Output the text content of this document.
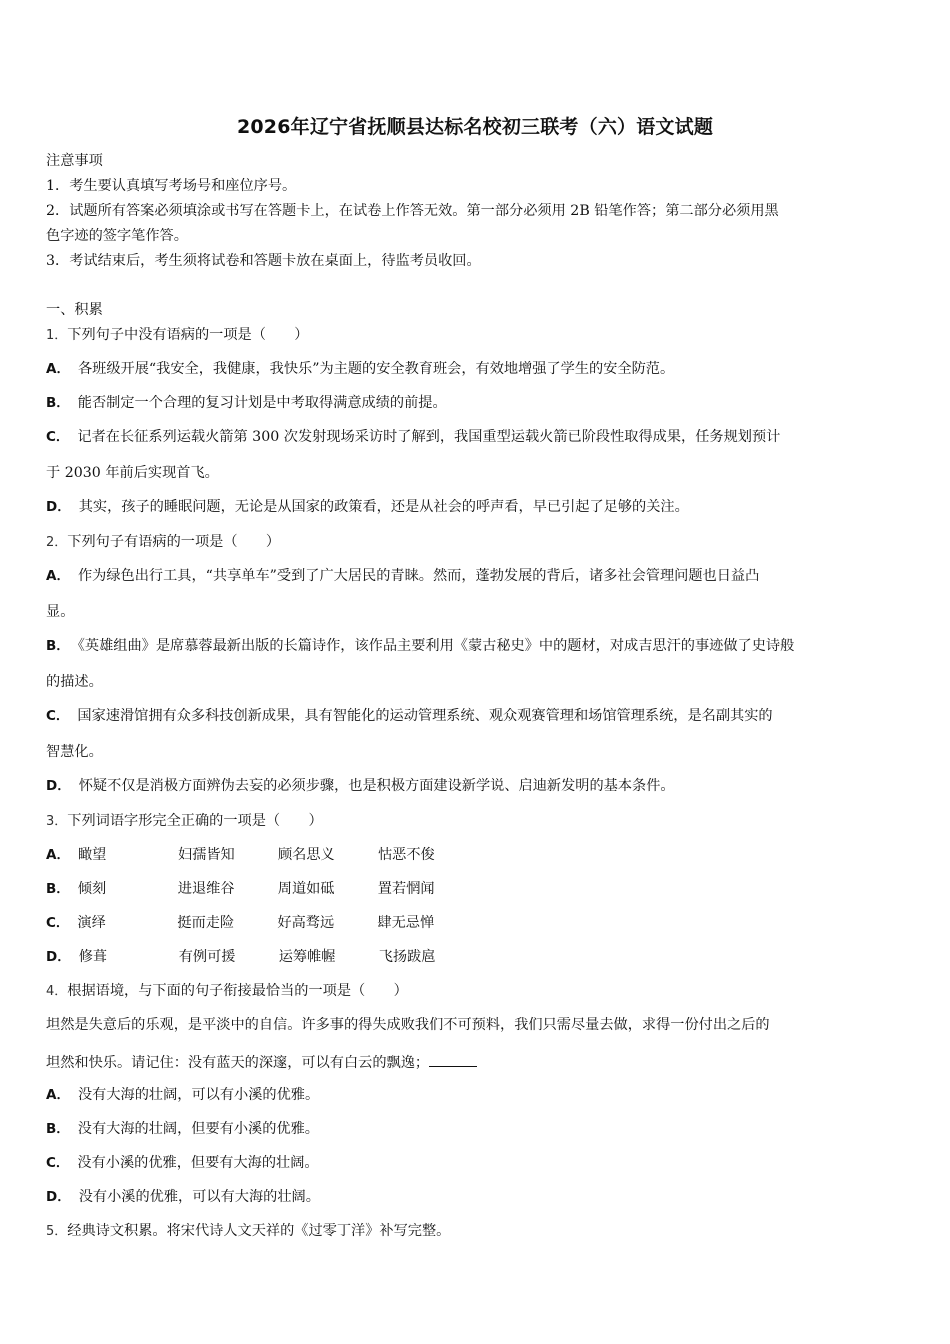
2026年辽宁省抚顺县达标名校初三联考（六）语文试题
注意事项
1．考生要认真填写考场号和座位序号。
2．试题所有答案必须填涂或书写在答题卡上，在试卷上作答无效。第一部分必须用 2B 铅笔作答；第二部分必须用黑
色字迹的签字笔作答。
3．考试结束后，考生须将试卷和答题卡放在桌面上，待监考员收回。
一、积累
1．下列句子中没有语病的一项是（　　）
A． 各班级开展“我安全，我健康，我快乐”为主题的安全教育班会，有效地增强了学生的安全防范。
B． 能否制定一个合理的复习计划是中考取得满意成绩的前提。
C． 记者在长征系列运载火箭第 300 次发射现场采访时了解到，我国重型运载火箭已阶段性取得成果，任务规划预计
于 2030 年前后实现首飞。
D． 其实，孩子的睡眠问题，无论是从国家的政策看，还是从社会的呼声看，早已引起了足够的关注。
2．下列句子有语病的一项是（　　）
A． 作为绿色出行工具，“共享单车”受到了广大居民的青睐。然而，蓬勃发展的背后，诸多社会管理问题也日益凸
显。
B． 《英雄组曲》是席慕蓉最新出版的长篇诗作，该作品主要利用《蒙古秘史》中的题材，对成吉思汗的事迹做了史诗般
的描述。
C． 国家速滑馆拥有众多科技创新成果，具有智能化的运动管理系统、观众观赛管理和场馆管理系统，是名副其实的
智慧化。
D． 怀疑不仅是消极方面辨伪去妄的必须步骤，也是积极方面建设新学说、启迪新发明的基本条件。
3．下列词语字形完全正确的一项是（　　）
A． 瞰望	妇孺皆知	顾名思义	怙恶不俊
B． 倾刻	进退维谷	周道如砥	置若惘闻
C． 演绎	挺而走险	好高骛远	肆无忌惮
D． 修葺	有例可援	运筹帷幄	飞扬跋扈
4．根据语境，与下面的句子衔接最恰当的一项是（　　）
坦然是失意后的乐观，是平淡中的自信。许多事的得失成败我们不可预料，我们只需尽量去做，求得一份付出之后的
坦然和快乐。请记住：没有蓝天的深邃，可以有白云的飘逸；
A． 没有大海的壮阔，可以有小溪的优雅。
B． 没有大海的壮阔，但要有小溪的优雅。
C． 没有小溪的优雅，但要有大海的壮阔。
D． 没有小溪的优雅，可以有大海的壮阔。
5．经典诗文积累。将宋代诗人文天祥的《过零丁洋》补写完整。
